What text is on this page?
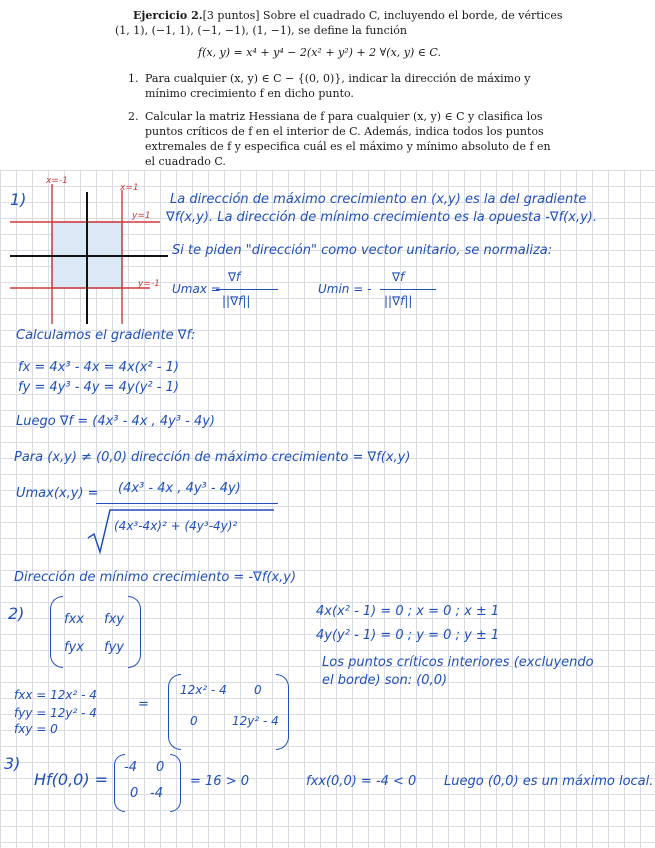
Ejercicio 2.[3 puntos] Sobre el cuadrado C, incluyendo el borde, de vértices
(1, 1), (−1, 1), (−1, −1), (1, −1), se define la función
f(x, y) = x⁴ + y⁴ − 2(x² + y²) + 2 ∀(x, y) ∈ C.
1. Para cualquier (x, y) ∈ C − {(0, 0)}, indicar la dirección de máximo y
mínimo crecimiento f en dicho punto.
2. Calcular la matriz Hessiana de f para cualquier (x, y) ∈ C y clasifica los
puntos críticos de f en el interior de C. Además, indica todos los puntos
extremales de f y especifica cuál es el máximo y mínimo absoluto de f en
el cuadrado C.
1)
x=-1
x=1
y=1
y=-1
La dirección de máximo crecimiento en (x,y) es la del gradiente
∇f(x,y). La dirección de mínimo crecimiento es la opuesta -∇f(x,y).
Si te piden "dirección" como vector unitario, se normaliza:
Umax =
∇f
||∇f||
Umin = -
∇f
||∇f||
Calculamos el gradiente ∇f:
fx = 4x³ - 4x = 4x(x² - 1)
fy = 4y³ - 4y = 4y(y² - 1)
Luego ∇f = (4x³ - 4x , 4y³ - 4y)
Para (x,y) ≠ (0,0) dirección de máximo crecimiento = ∇f(x,y)
Umax(x,y) = (4x³ - 4x , 4y³ - 4y)
(4x³-4x)² + (4y³-4y)²
Dirección de mínimo crecimiento = -∇f(x,y)
2)	fxx fxy
fyx fyy
4x(x² - 1) = 0 ; x = 0 ; x ± 1
4y(y² - 1) = 0 ; y = 0 ; y ± 1
Los puntos críticos interiores (excluyendo
el borde) son: (0,0)
fxx = 12x² - 4
fyy = 12y² - 4
fxy = 0
=
12x² - 4 0
0	12y² - 4
3)
Hf(0,0) =
-4 0
0 -4
= 16 > 0	fxx(0,0) = -4 < 0 Luego (0,0) es un máximo local.
